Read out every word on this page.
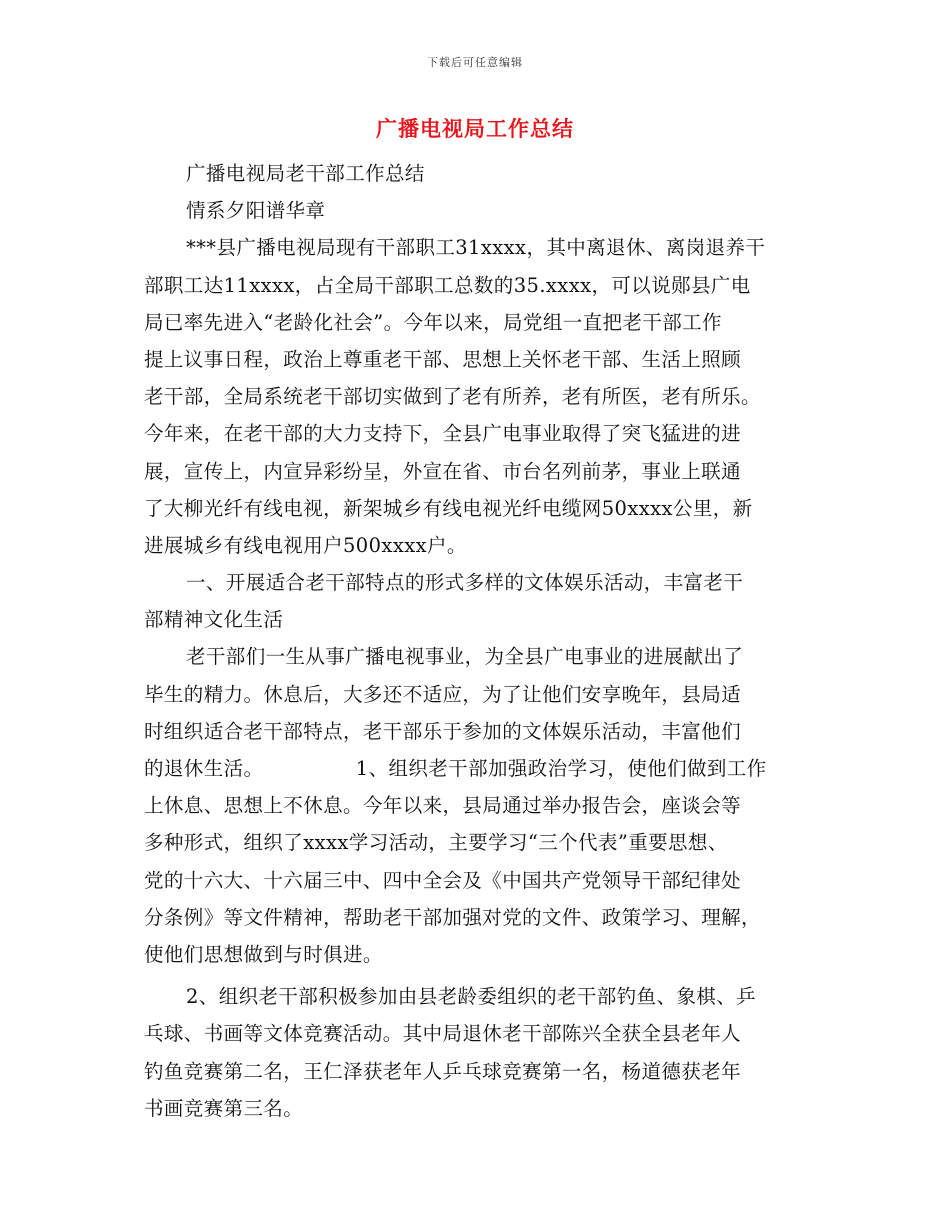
下载后可任意编辑
广播电视局工作总结
广播电视局老干部工作总结
情系夕阳谱华章
***县广播电视局现有干部职工31xxxx，其中离退休、离岗退养干
部职工达11xxxx，占全局干部职工总数的35.xxxx，可以说郧县广电
局已率先进入“老龄化社会”。今年以来，局党组一直把老干部工作
提上议事日程，政治上尊重老干部、思想上关怀老干部、生活上照顾
老干部，全局系统老干部切实做到了老有所养，老有所医，老有所乐。
今年来，在老干部的大力支持下，全县广电事业取得了突飞猛进的进
展，宣传上，内宣异彩纷呈，外宣在省、市台名列前茅，事业上联通
了大柳光纤有线电视，新架城乡有线电视光纤电缆网50xxxx公里，新
进展城乡有线电视用户500xxxx户。
一、开展适合老干部特点的形式多样的文体娱乐活动，丰富老干
部精神文化生活
老干部们一生从事广播电视事业，为全县广电事业的进展献出了
毕生的精力。休息后，大多还不适应，为了让他们安享晚年，县局适
时组织适合老干部特点，老干部乐于参加的文体娱乐活动，丰富他们
的退休生活。              1、组织老干部加强政治学习，使他们做到工作
上休息、思想上不休息。今年以来，县局通过举办报告会，座谈会等
多种形式，组织了xxxx学习活动，主要学习“三个代表”重要思想、
党的十六大、十六届三中、四中全会及《中国共产党领导干部纪律处
分条例》等文件精神，帮助老干部加强对党的文件、政策学习、理解，
使他们思想做到与时俱进。
2、组织老干部积极参加由县老龄委组织的老干部钓鱼、象棋、乒
乓球、书画等文体竞赛活动。其中局退休老干部陈兴全获全县老年人
钓鱼竞赛第二名，王仁泽获老年人乒乓球竞赛第一名，杨道德获老年
书画竞赛第三名。
